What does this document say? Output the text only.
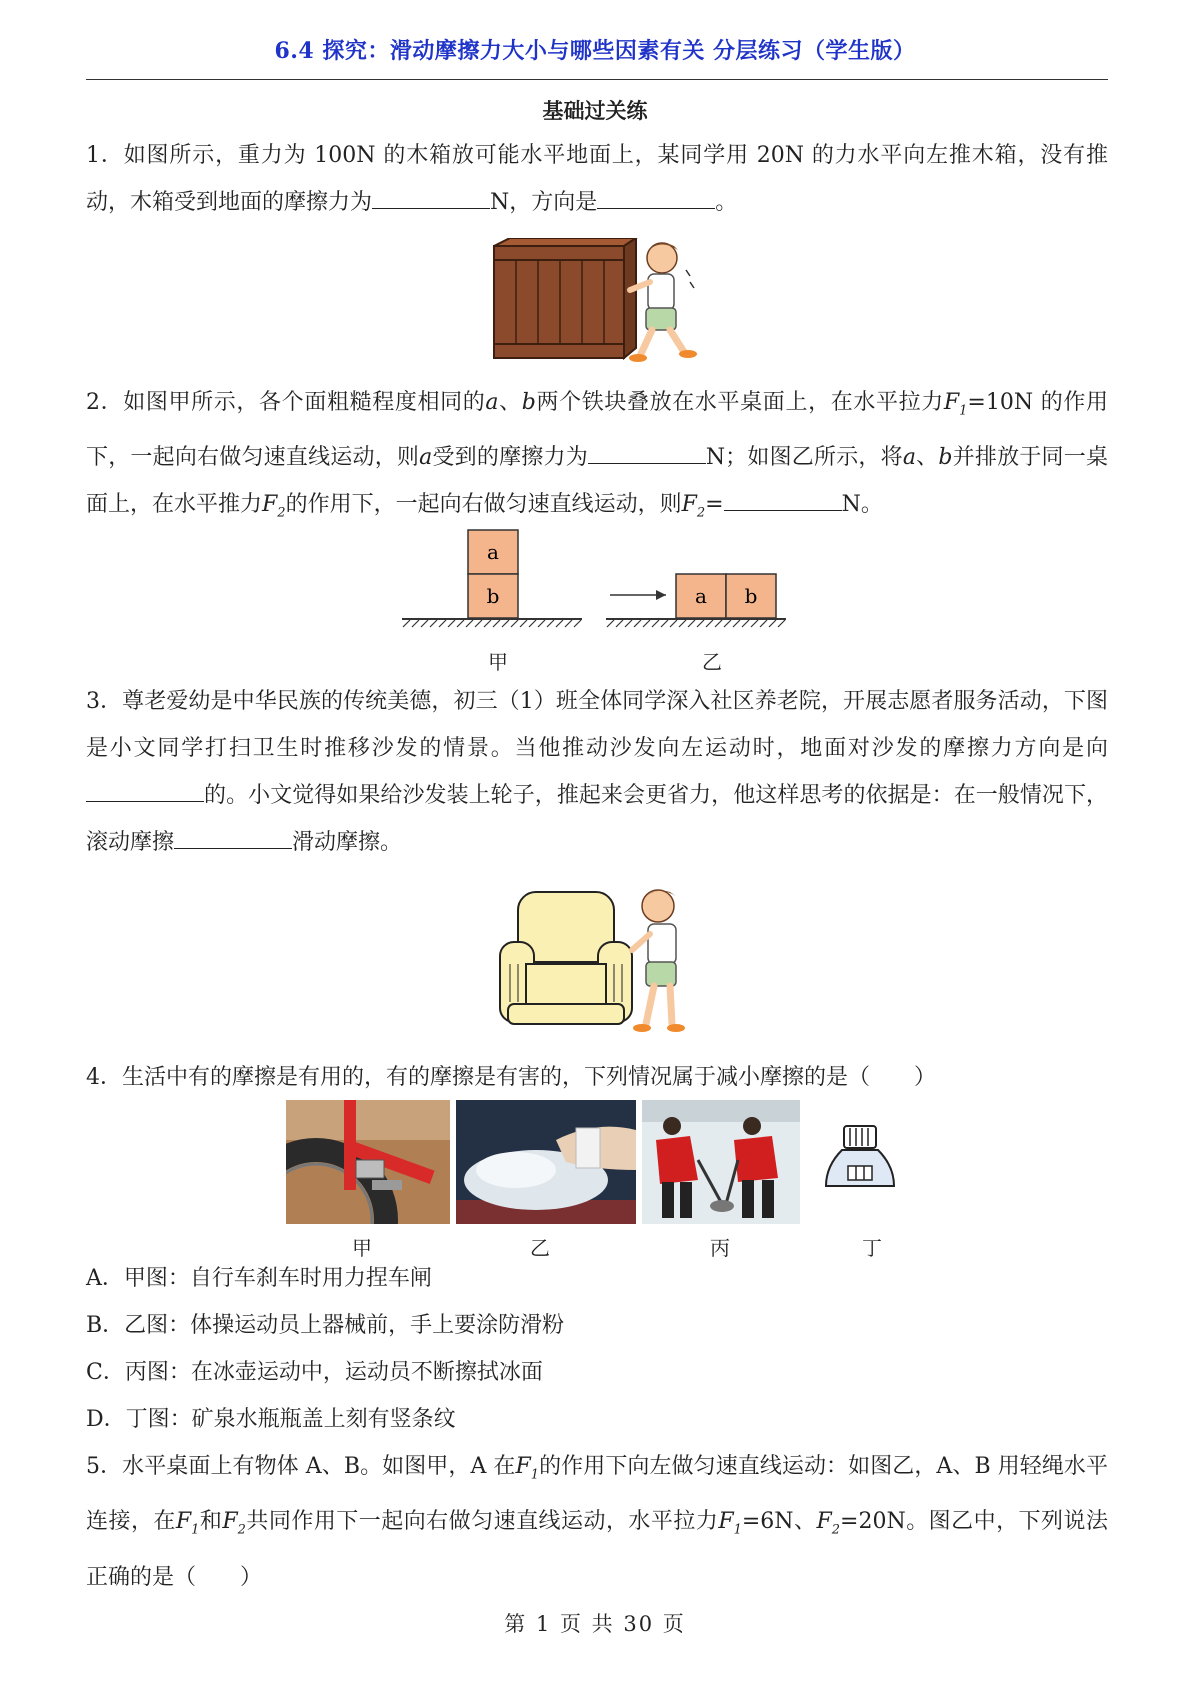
6.4 探究：滑动摩擦力大小与哪些因素有关 分层练习（学生版）
基础过关练
1．如图所示，重力为 100N 的木箱放可能水平地面上，某同学用 20N 的力水平向左推木箱，没有推动，木箱受到地面的摩擦力为	N，方向是	。
2．如图甲所示，各个面粗糙程度相同的a、b两个铁块叠放在水平桌面上，在水平拉力$F_1=10N$ 的作用下，一起向右做匀速直线运动，则a受到的摩擦力为	N；如图乙所示，将a、b并排放于同一桌面上，在水平推力$F_2$的作用下，一起向右做匀速直线运动，则$F_2=$	N。
a
b	a b
甲	乙
3．尊老爱幼是中华民族的传统美德，初三（1）班全体同学深入社区养老院，开展志愿者服务活动，下图是小文同学打扫卫生时推移沙发的情景。当他推动沙发向左运动时，地面对沙发的摩擦力方向是向的。小文觉得如果给沙发装上轮子，推起来会更省力，他这样思考的依据是：在一般情况下，滚动摩擦	滑动摩擦。
4．生活中有的摩擦是有用的，有的摩擦是有害的，下列情况属于减小摩擦的是（　　）
甲	乙	丙	丁
A．甲图：自行车刹车时用力捏车闸
B．乙图：体操运动员上器械前，手上要涂防滑粉
C．丙图：在冰壶运动中，运动员不断擦拭冰面
D．丁图：矿泉水瓶瓶盖上刻有竖条纹
5．水平桌面上有物体 A、B。如图甲，A 在$F_1$的作用下向左做匀速直线运动：如图乙，A、B 用轻绳水平连接，在$F_1$和$F_2$共同作用下一起向右做匀速直线运动，水平拉力$F_1=6N$、$F_2=20N$。图乙中，下列说法正确的是（　　）
第 1 页 共 30 页
